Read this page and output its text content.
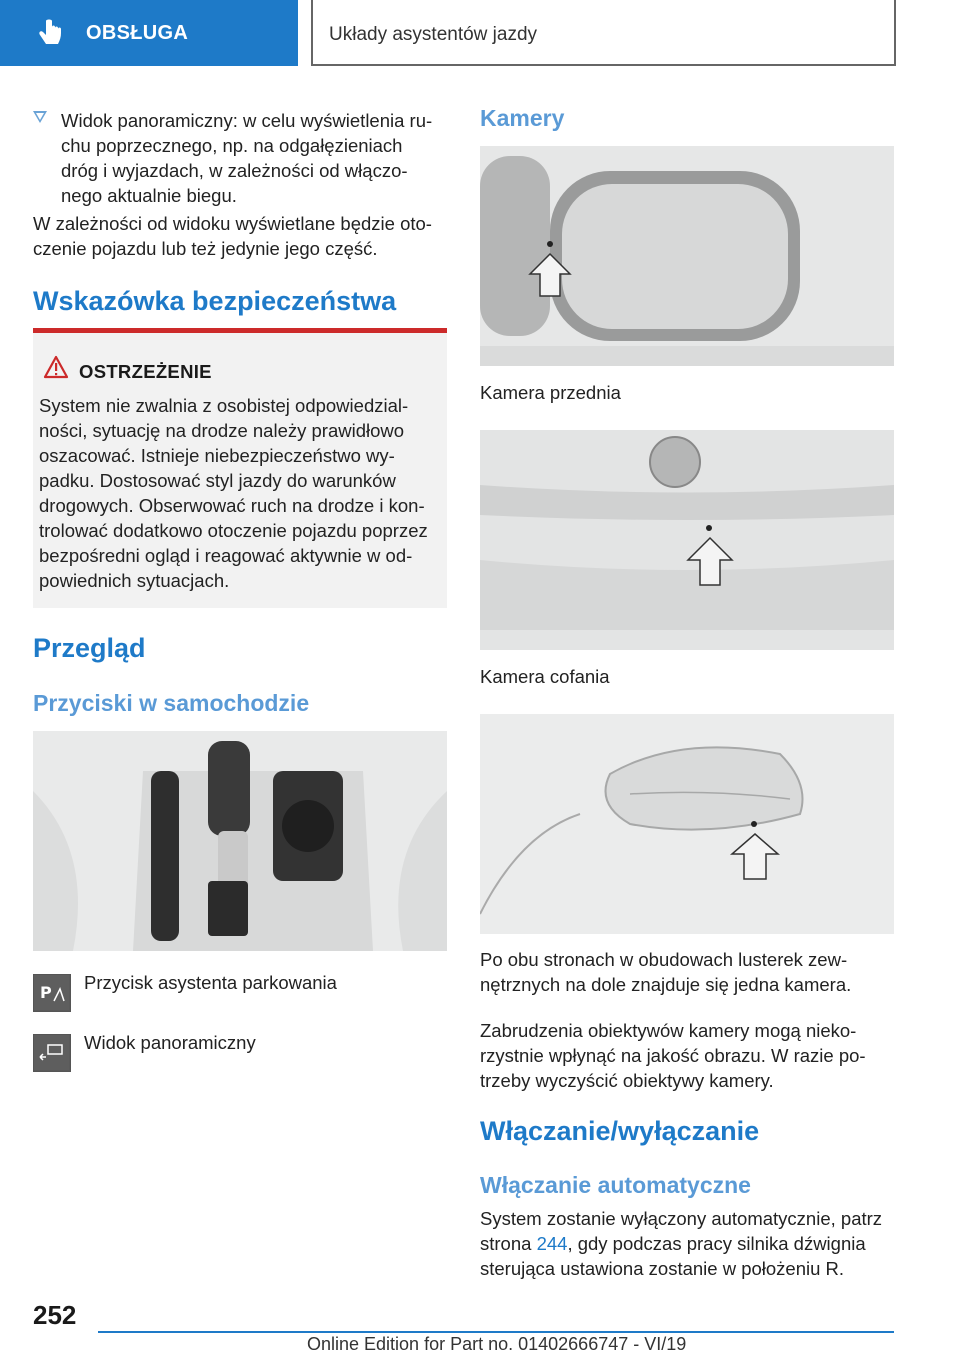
OBSŁUGA	Układy asystentów jazdy

Widok panoramiczny: w celu wyświetlenia ru-
chu poprzecznego, np. na odgałęzieniach
dróg i wyjazdach, w zależności od włączo-
nego aktualnie biegu.

W zależności od widoku wyświetlane będzie oto-
czenie pojazdu lub też jedynie jego część.

Wskazówka bezpieczeństwa
OSTRZEŻENIE

System nie zwalnia z osobistej odpowiedzial-
ności, sytuację na drodze należy prawidłowo
oszacować. Istnieje niebezpieczeństwo wy-
padku. Dostosować styl jazdy do warunków
drogowych. Obserwować ruch na drodze i kon-
trolować dodatkowo otoczenie pojazdu poprzez
bezpośredni ogląd i reagować aktywnie w od-
powiednich sytuacjach.

Przegląd
Przyciski w samochodzie
P Przycisk asystenta parkowania

Widok panoramiczny

Kamery

Kamera przednia

Kamera cofania

Po obu stronach w obudowach lusterek zew-
nętrznych na dole znajduje się jedna kamera.

Zabrudzenia obiektywów kamery mogą nieko-
rzystnie wpłynąć na jakość obrazu. W razie po-
trzeby wyczyścić obiektywy kamery.

Włączanie/wyłączanie
Włączanie automatyczne

System zostanie wyłączony automatycznie, patrz
strona 244, gdy podczas pracy silnika dźwignia
sterująca ustawiona zostanie w położeniu R.

252
Online Edition for Part no. 01402666747 - VI/19
